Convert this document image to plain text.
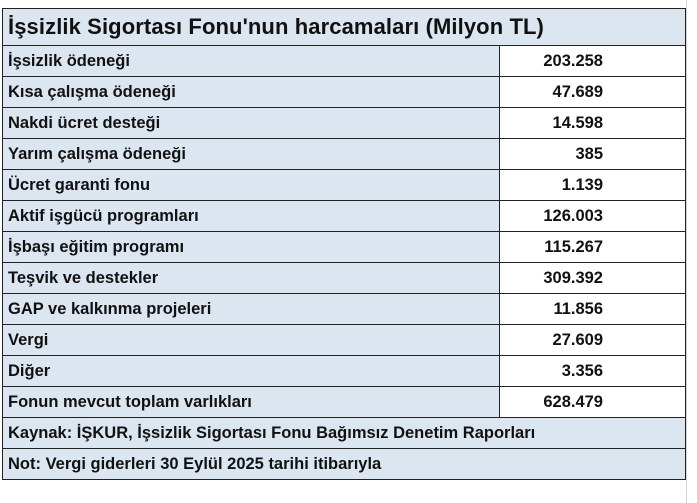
İşsizlik Sigortası Fonu'nun harcamaları (Milyon TL)	
İşsizlik ödeneği	203.258
Kısa çalışma ödeneği	47.689
Nakdi ücret desteği	14.598
Yarım çalışma ödeneği	385
Ücret garanti fonu	1.139
Aktif işgücü programları	126.003
İşbaşı eğitim programı	115.267
Teşvik ve destekler	309.392
GAP ve kalkınma projeleri	11.856
Vergi	27.609
Diğer	3.356
Fonun mevcut toplam varlıkları	628.479
Kaynak: İŞKUR, İşsizlik Sigortası Fonu Bağımsız Denetim Raporları	
Not: Vergi giderleri 30 Eylül 2025 tarihi itibarıyla	
